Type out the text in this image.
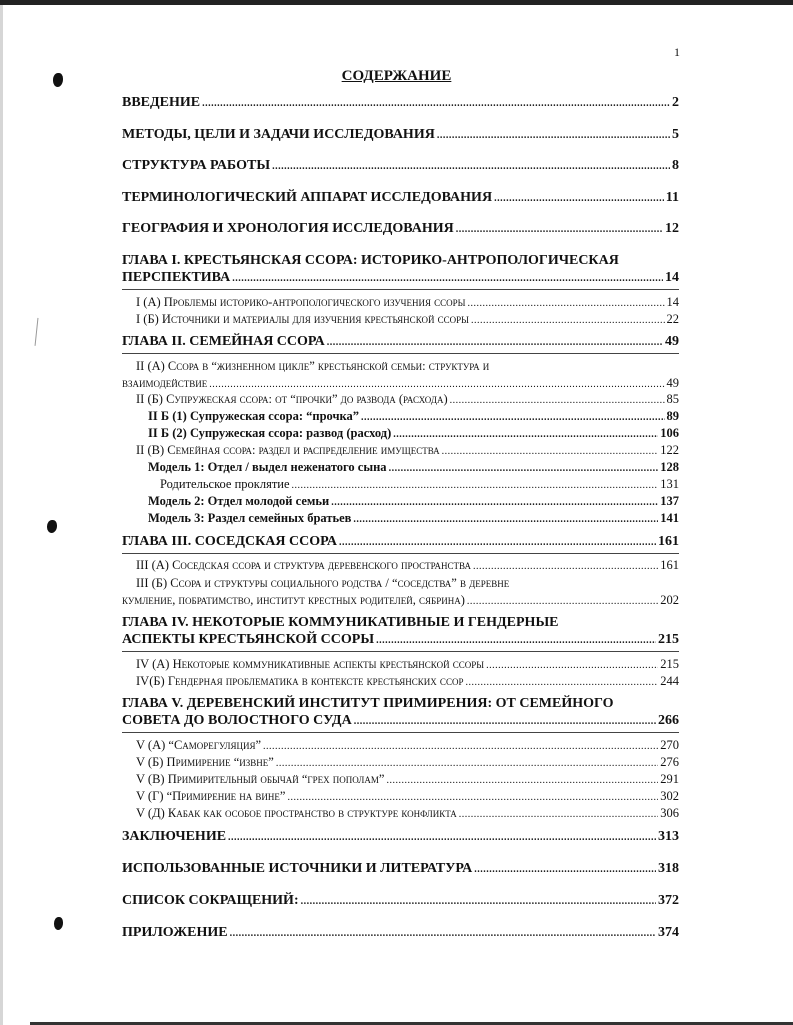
1
СОДЕРЖАНИЕ
ВВЕДЕНИЕ .....	2
МЕТОДЫ, ЦЕЛИ И ЗАДАЧИ ИССЛЕДОВАНИЯ .....	5
СТРУКТУРА РАБОТЫ .....	8
ТЕРМИНОЛОГИЧЕСКИЙ АППАРАТ ИССЛЕДОВАНИЯ .....	11
ГЕОГРАФИЯ И ХРОНОЛОГИЯ ИССЛЕДОВАНИЯ .....	12
ГЛАВА I. КРЕСТЬЯНСКАЯ ССОРА: ИСТОРИКО-АНТРОПОЛОГИЧЕСКАЯ
ПЕРСПЕКТИВА .....	14
I (А) Проблемы историко-антропологического изучения ссоры .....	14
I (Б) Источники и материалы для изучения крестьянской ссоры .....	22
ГЛАВА II. СЕМЕЙНАЯ ССОРА .....	49
II (А) Ссора в “жизненном цикле” крестьянской семьи: структура и
взаимодействие .....	49
II (Б) Супружеская ссора: от “прочки” до развода (расхода) .....	85
II Б (1) Супружеская ссора: “прочка” .....	89
II Б (2) Супружеская ссора: развод (расход) .....	106
II (В) Семейная ссора: раздел и распределение имущества .....	122
Модель 1: Отдел / выдел неженатого сына .....	128
Родительское проклятие .....	131
Модель 2: Отдел молодой семьи .....	137
Модель 3: Раздел семейных братьев .....	141
ГЛАВА III. СОСЕДСКАЯ ССОРА .....	161
III (А) Соседская ссора и структура деревенского пространства .....	161
III (Б) Ссора и структуры социального родства / “соседства” в деревне
кумление, побратимство, институт крестных родителей, сябрина) .....	202
ГЛАВА IV. НЕКОТОРЫЕ КОММУНИКАТИВНЫЕ И ГЕНДЕРНЫЕ
АСПЕКТЫ КРЕСТЬЯНСКОЙ ССОРЫ .....	215
IV (А) Некоторые коммуникативные аспекты крестьянской ссоры .....	215
IV(Б) Гендерная проблематика в контексте крестьянских ссор .....	244
ГЛАВА V. ДЕРЕВЕНСКИЙ ИНСТИТУТ ПРИМИРЕНИЯ: ОТ СЕМЕЙНОГО
СОВЕТА ДО ВОЛОСТНОГО СУДА .....	266
V (А) “Саморегуляция” .....	270
V (Б) Примирение “извне” .....	276
V (В) Примирительный обычай “грех пополам” .....	291
V (Г) “Примирение на вине” .....	302
V (Д) Кабак как особое пространство в структуре конфликта .....	306
ЗАКЛЮЧЕНИЕ .....	313
ИСПОЛЬЗОВАННЫЕ ИСТОЧНИКИ И ЛИТЕРАТУРА .....	318
СПИСОК СОКРАЩЕНИЙ: .....	372
ПРИЛОЖЕНИЕ .....	374
